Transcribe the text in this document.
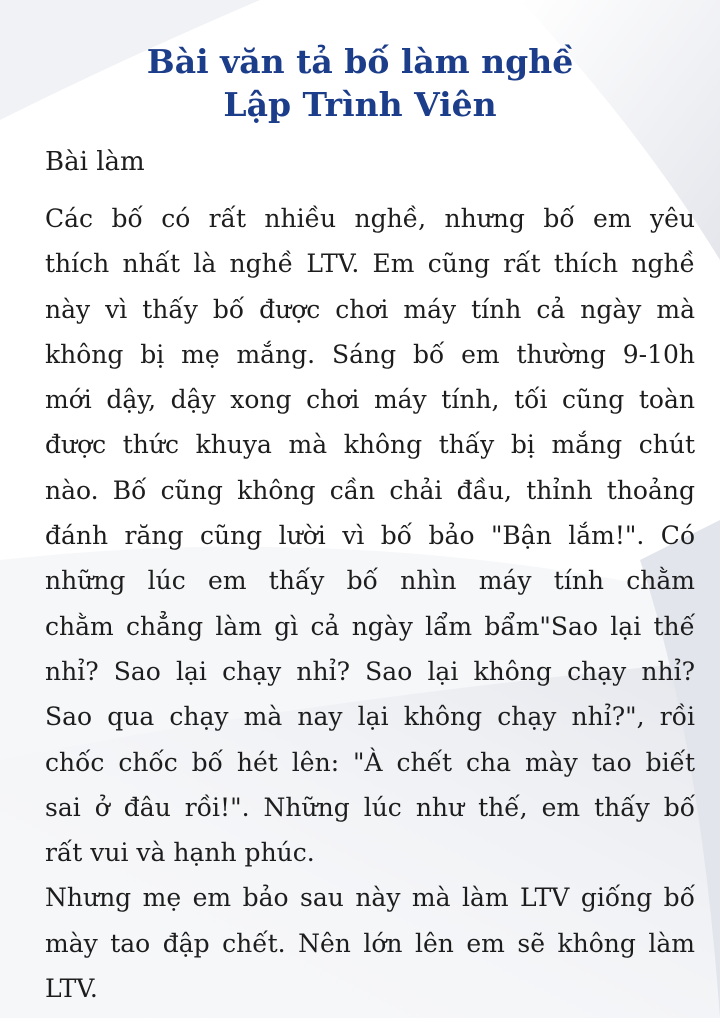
Bài văn tả bố làm nghề
Lập Trình Viên
Bài làm

Các bố có rất nhiều nghề, nhưng bố em yêu
thích nhất là nghề LTV. Em cũng rất thích nghề
này vì thấy bố được chơi máy tính cả ngày mà
không bị mẹ mắng. Sáng bố em thường 9-10h
mới dậy, dậy xong chơi máy tính, tối cũng toàn
được thức khuya mà không thấy bị mắng chút
nào. Bố cũng không cần chải đầu, thỉnh thoảng
đánh răng cũng lười vì bố bảo "Bận lắm!". Có
những lúc em thấy bố nhìn máy tính chằm
chằm chẳng làm gì cả ngày lẩm bẩm"Sao lại thế
nhỉ? Sao lại chạy nhỉ? Sao lại không chạy nhỉ?
Sao qua chạy mà nay lại không chạy nhỉ?", rồi
chốc chốc bố hét lên: "À chết cha mày tao biết
sai ở đâu rồi!". Những lúc như thế, em thấy bố
rất vui và hạnh phúc.

Nhưng mẹ em bảo sau này mà làm LTV giống bố
mày tao đập chết. Nên lớn lên em sẽ không làm
LTV.
